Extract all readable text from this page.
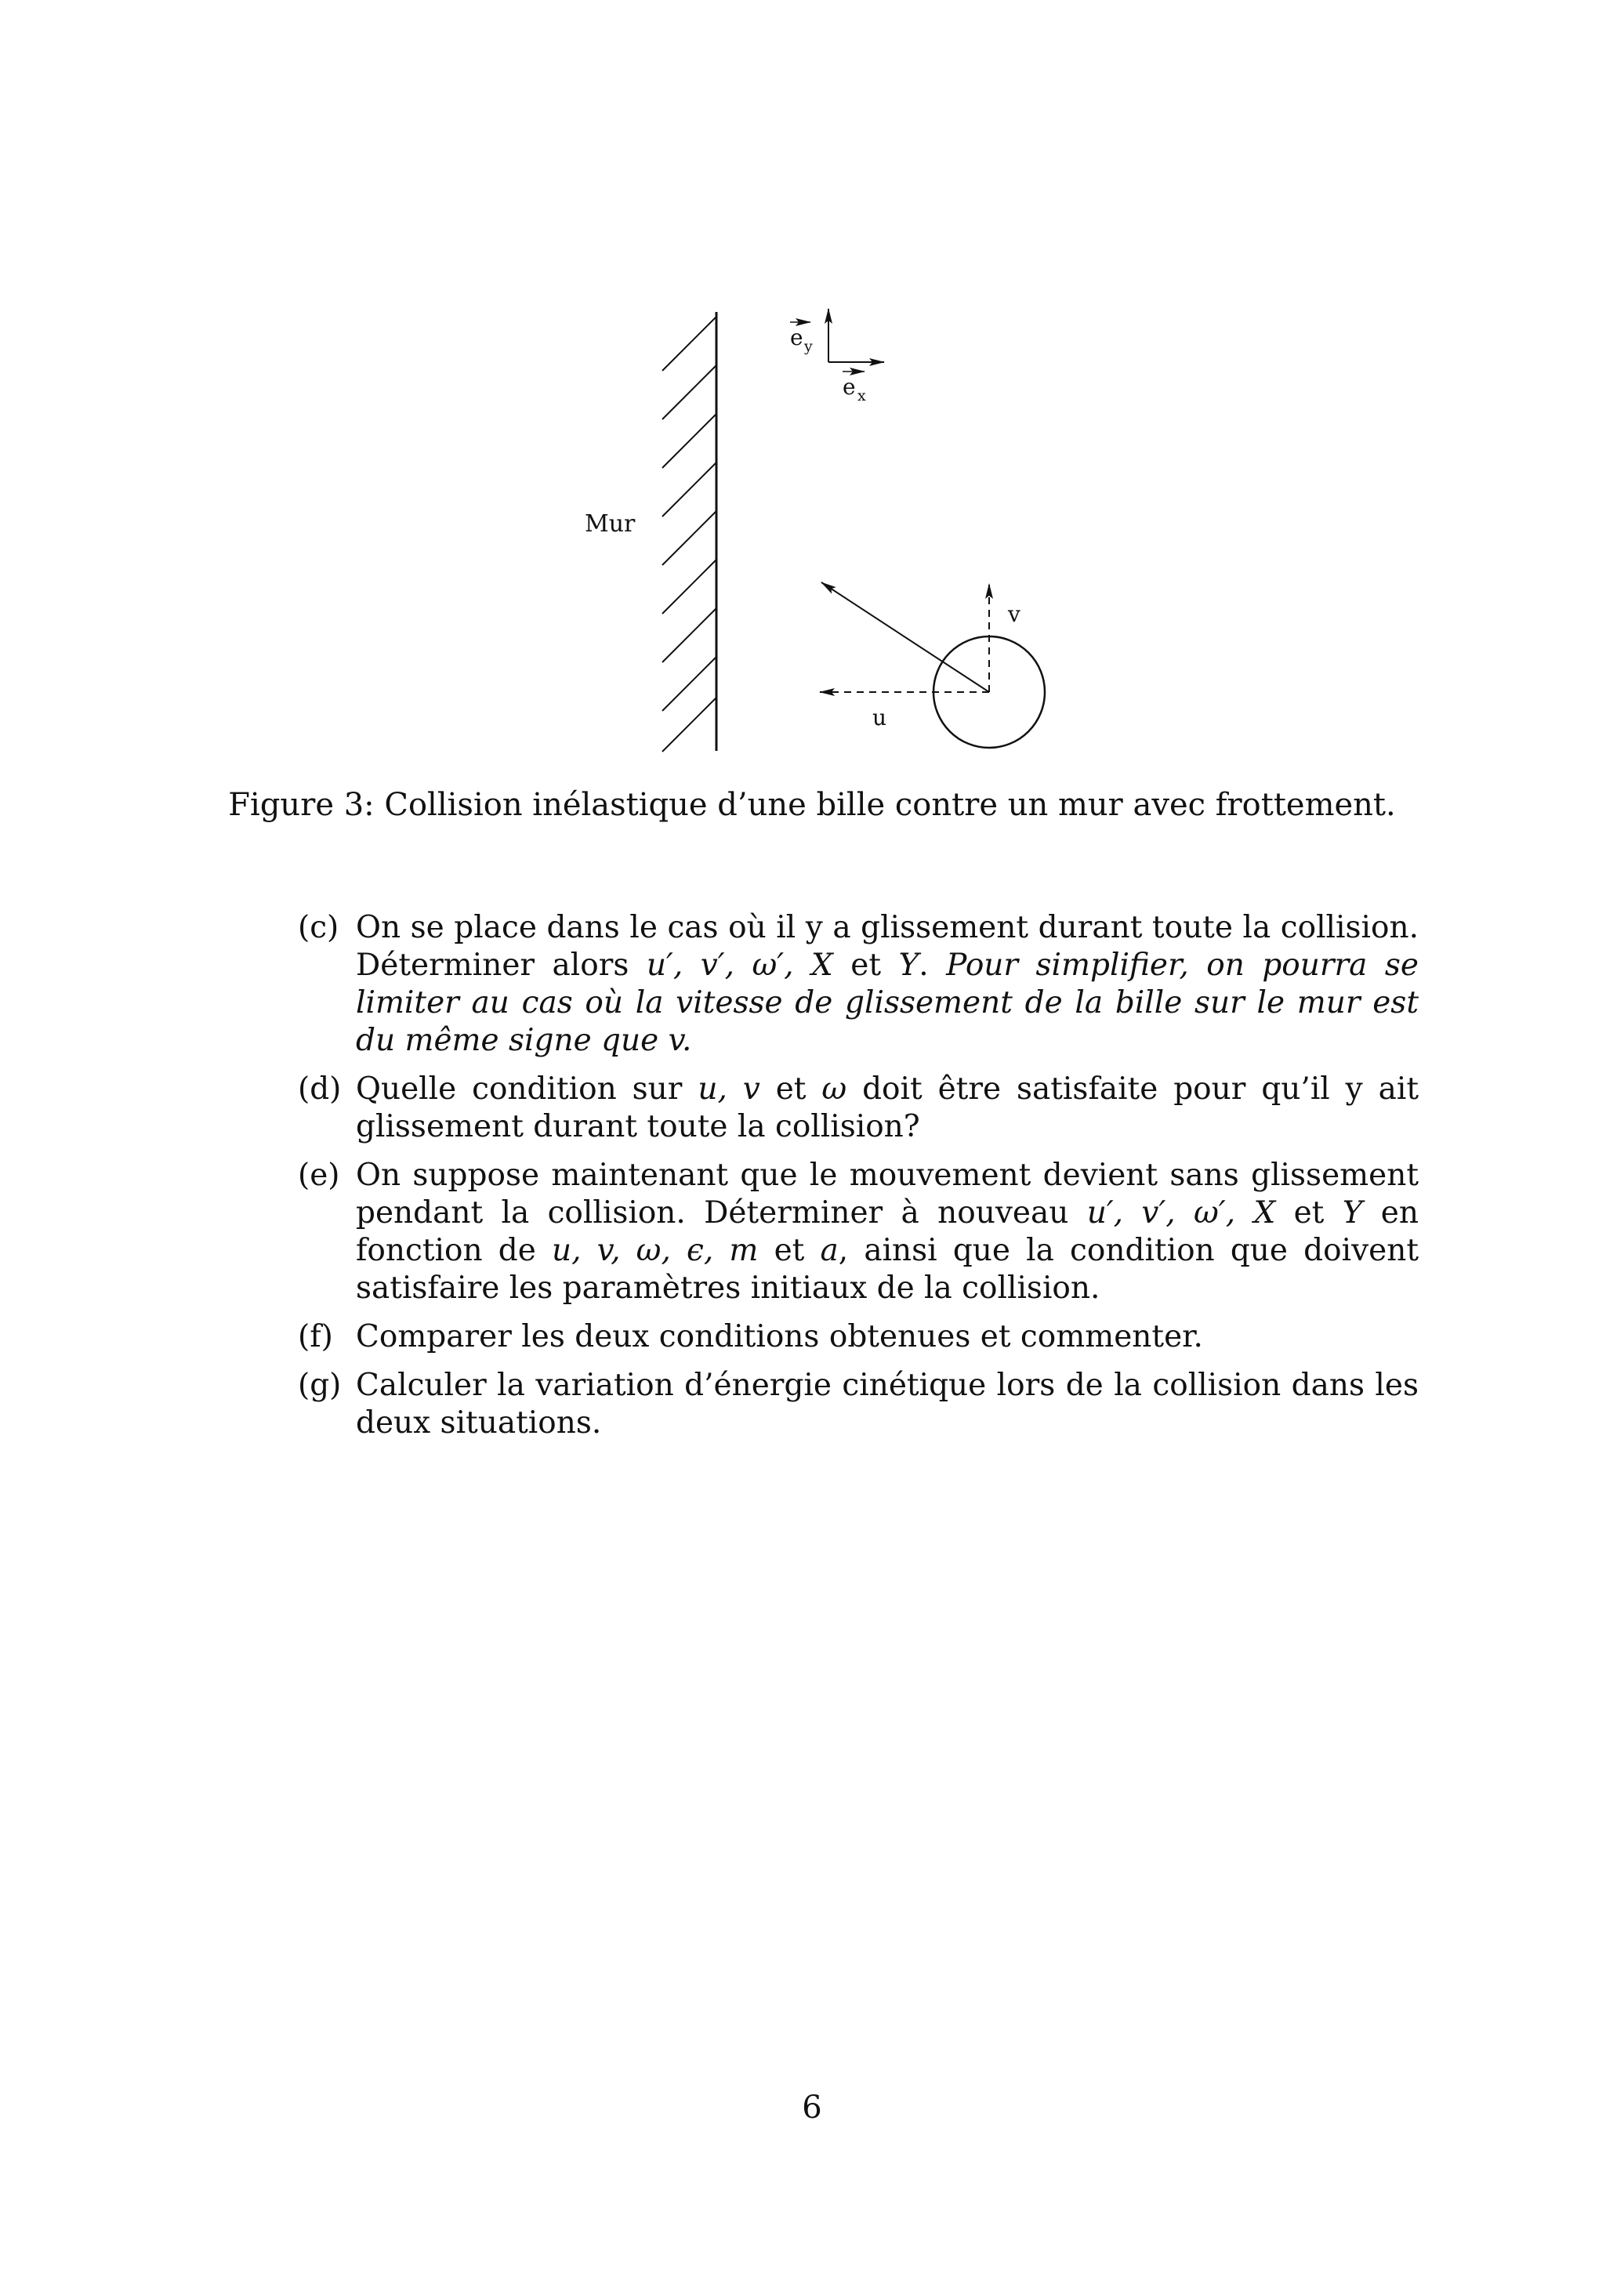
Mur
e y
e x
u
v
Figure 3: Collision inélastique d’une bille contre un mur avec frottement.
(c) On se place dans le cas où il y a glissement durant toute la collision. Déterminer alors u′, v′, ω′, X et Y. Pour simplifier, on pourra se limiter au cas où la vitesse de glissement de la bille sur le mur est du même signe que v.
(d) Quelle condition sur u, v et ω doit être satisfaite pour qu’il y ait glissement durant toute la collision?
(e) On suppose maintenant que le mouvement devient sans glissement pendant la collision. Déterminer à nouveau u′, v′, ω′, X et Y en fonction de u, v, ω, ϵ, m et a, ainsi que la condition que doivent satisfaire les paramètres initiaux de la collision.
(f) Comparer les deux conditions obtenues et commenter.
(g) Calculer la variation d’énergie cinétique lors de la collision dans les deux situations.
6
